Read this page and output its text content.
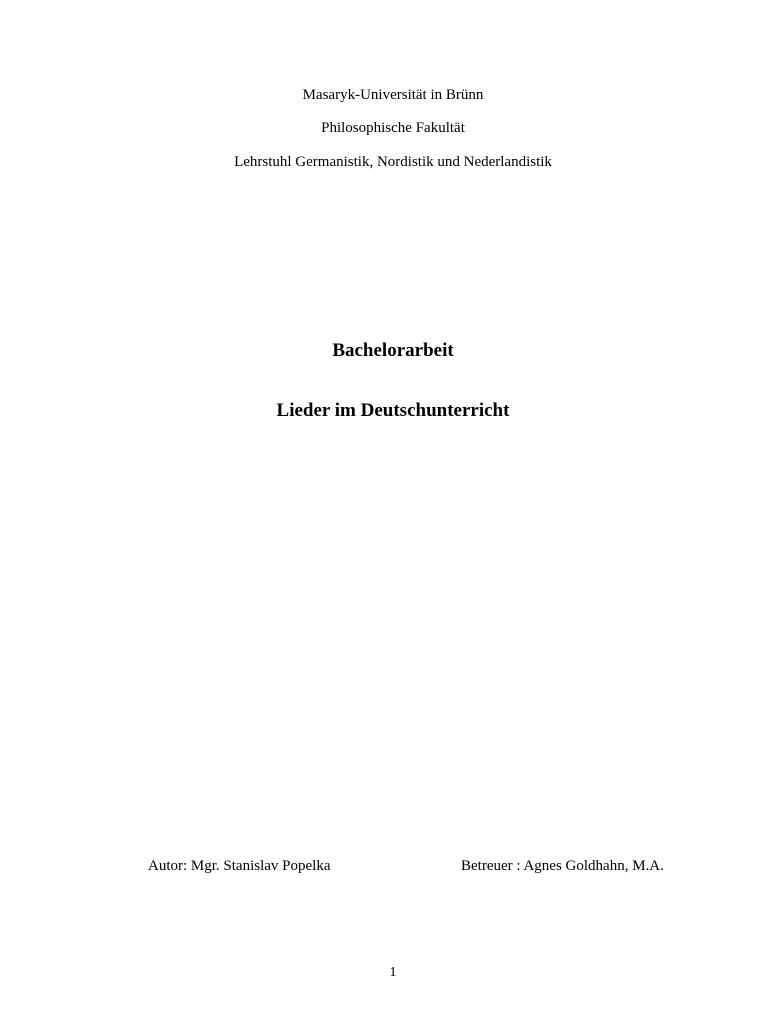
Masaryk-Universität in Brünn
Philosophische Fakultät
Lehrstuhl Germanistik, Nordistik und Nederlandistik
Bachelorarbeit
Lieder im Deutschunterricht
Autor: Mgr. Stanislav Popelka	Betreuer : Agnes Goldhahn, M.A.
1
